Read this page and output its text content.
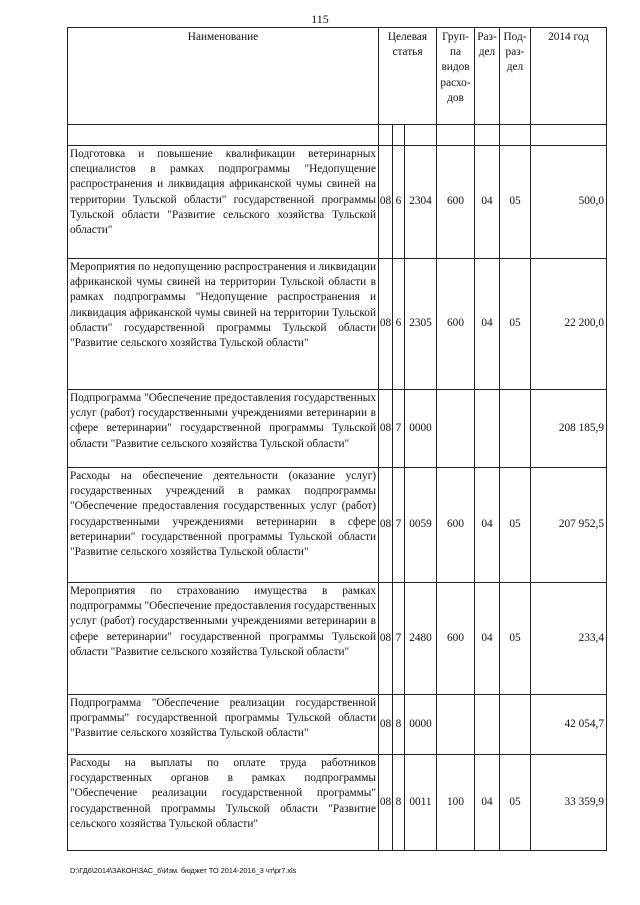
115
Наименование	Целевая статья			Груп- па видов расхо- дов	Раз- дел	Под- раз- дел	2014 год

Подготовка и повышение квалификации ветеринарных специалистов в рамках подпрограммы "Недопущение распространения и ликвидация африканской чумы свиней на территории Тульской области" государственной программы Тульской области "Развитие сельского хозяйства Тульской области"	08	6	2304	600	04	05	500,0
Мероприятия по недопущению распространения и ликвидации африканской чумы свиней на территории Тульской области в рамках подпрограммы "Недопущение распространения и ликвидация африканской чумы свиней на территории Тульской области" государственной программы Тульской области "Развитие сельского хозяйства Тульской области"	08	6	2305	600	04	05	22 200,0
Подпрограмма "Обеспечение предоставления государственных услуг (работ) государственными учреждениями ветеринарии в сфере ветеринарии" государственной программы Тульской области "Развитие сельского хозяйства Тульской области"	08	7	0000				208 185,9
Расходы на обеспечение деятельности (оказание услуг) государственных учреждений в рамках подпрограммы "Обеспечение предоставления государственных услуг (работ) государственными учреждениями ветеринарии в сфере ветеринарии" государственной программы Тульской области "Развитие сельского хозяйства Тульской области"	08	7	0059	600	04	05	207 952,5
Мероприятия по страхованию имущества в рамках подпрограммы "Обеспечение предоставления государственных услуг (работ) государственными учреждениями ветеринарии в сфере ветеринарии" государственной программы Тульской области "Развитие сельского хозяйства Тульской области"	08	7	2480	600	04	05	233,4
Подпрограмма "Обеспечение реализации государственной программы" государственной программы Тульской области "Развитие сельского хозяйства Тульской области"	08	8	0000				42 054,7
Расходы на выплаты по оплате труда работников государственных органов в рамках подпрограммы "Обеспечение реализации государственной программы" государственной программы Тульской области "Развитие сельского хозяйства Тульской области"	08	8	0011	100	04	05	33 359,9
D:\ГД6\2014\ЗАКОН\ЗАС_6\Изм. бюджет ТО 2014-2016_3 чт\pr7.xls
